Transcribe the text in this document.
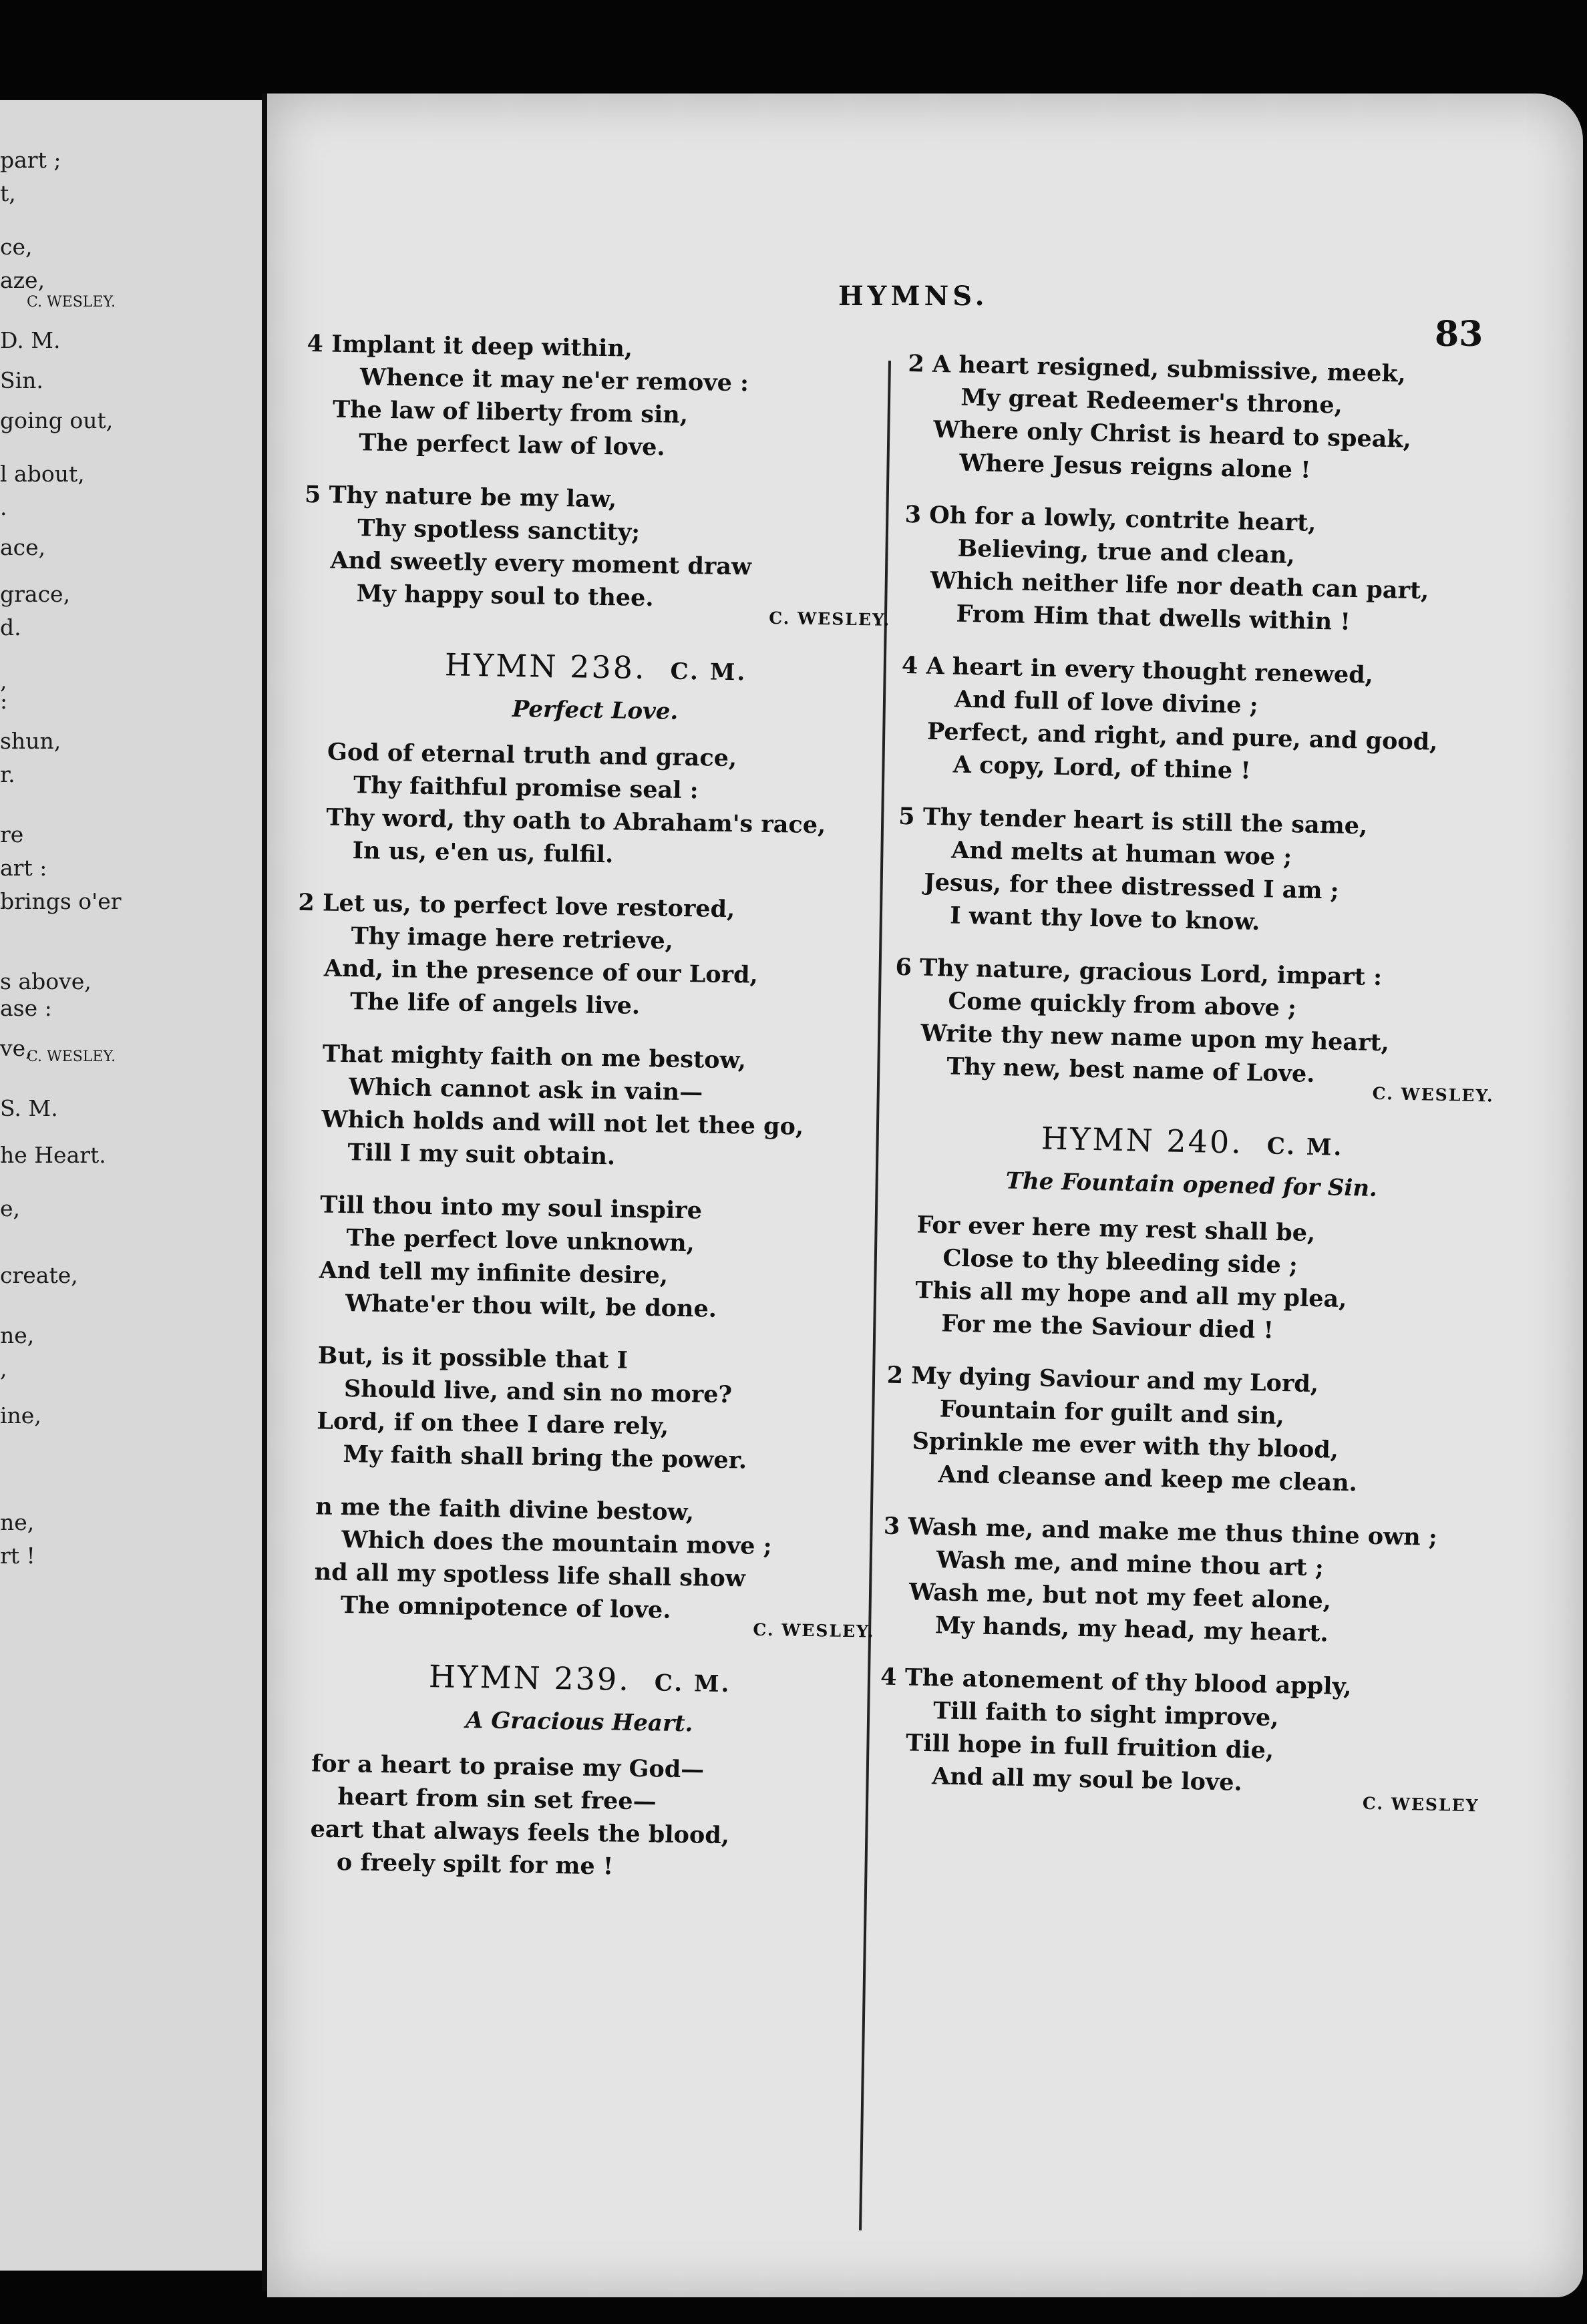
part ;
t,
ce,
aze,
C. WESLEY.
D. M.
Sin.
going out,
l about,
.
ace,
grace,
d.
,
:
shun,
r.
re
art :
brings o'er
s above,
ase :
ve,
C. WESLEY.
S. M.
he Heart.
e,
create,
ne,
,
ine,
ne,
rt !
HYMNS.
83
4 Implant it deep within,
Whence it may ne'er remove :
The law of liberty from sin,
The perfect law of love.
5 Thy nature be my law,
Thy spotless sanctity;
And sweetly every moment draw
My happy soul to thee.
C. WESLEY.
HYMN 238. C. M.
Perfect Love.
God of eternal truth and grace,
Thy faithful promise seal :
Thy word, thy oath to Abraham's race,
In us, e'en us, fulfil.
2 Let us, to perfect love restored,
Thy image here retrieve,
And, in the presence of our Lord,
The life of angels live.
That mighty faith on me bestow,
Which cannot ask in vain—
Which holds and will not let thee go,
Till I my suit obtain.
Till thou into my soul inspire
The perfect love unknown,
And tell my infinite desire,
Whate'er thou wilt, be done.
But, is it possible that I
Should live, and sin no more?
Lord, if on thee I dare rely,
My faith shall bring the power.
n me the faith divine bestow,
Which does the mountain move ;
nd all my spotless life shall show
The omnipotence of love.
C. WESLEY.
HYMN 239. C. M.
A Gracious Heart.
for a heart to praise my God—
heart from sin set free—
eart that always feels the blood,
o freely spilt for me !
2 A heart resigned, submissive, meek,
My great Redeemer's throne,
Where only Christ is heard to speak,
Where Jesus reigns alone !
3 Oh for a lowly, contrite heart,
Believing, true and clean,
Which neither life nor death can part,
From Him that dwells within !
4 A heart in every thought renewed,
And full of love divine ;
Perfect, and right, and pure, and good,
A copy, Lord, of thine !
5 Thy tender heart is still the same,
And melts at human woe ;
Jesus, for thee distressed I am ;
I want thy love to know.
6 Thy nature, gracious Lord, impart :
Come quickly from above ;
Write thy new name upon my heart,
Thy new, best name of Love.
C. WESLEY.
HYMN 240. C. M.
The Fountain opened for Sin.
For ever here my rest shall be,
Close to thy bleeding side ;
This all my hope and all my plea,
For me the Saviour died !
2 My dying Saviour and my Lord,
Fountain for guilt and sin,
Sprinkle me ever with thy blood,
And cleanse and keep me clean.
3 Wash me, and make me thus thine own ;
Wash me, and mine thou art ;
Wash me, but not my feet alone,
My hands, my head, my heart.
4 The atonement of thy blood apply,
Till faith to sight improve,
Till hope in full fruition die,
And all my soul be love.
C. WESLEY
